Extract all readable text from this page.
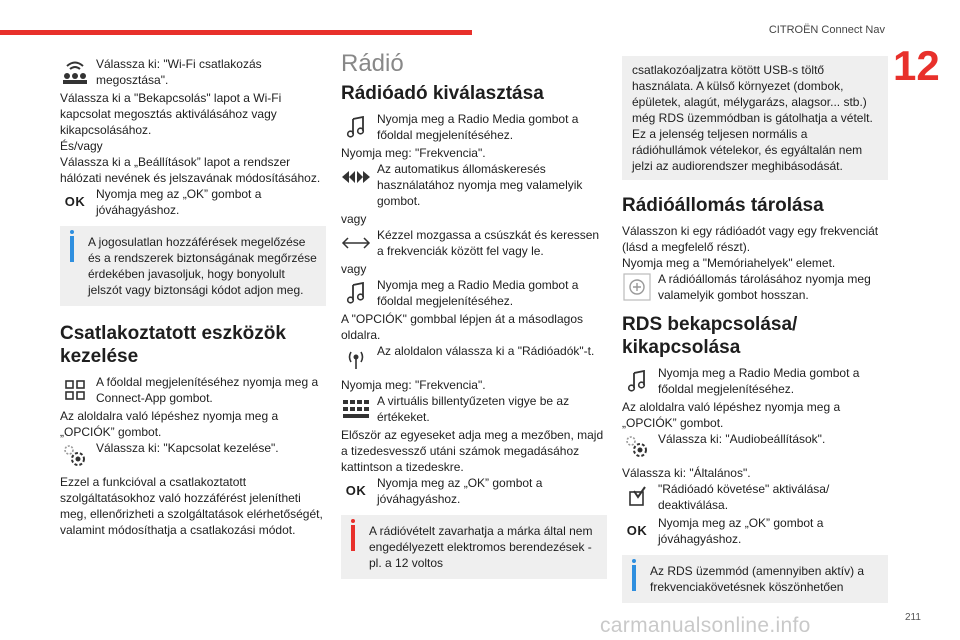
CITROËN Connect Nav
12
carmanualsonline.info	211

Válassza ki: "Wi-Fi csatlakozás megosztása".

Válassza ki a "Bekapcsolás" lapot a Wi-Fi kapcsolat megosztás aktiválásához vagy kikapcsolásához.

És/vagy

Válassza ki a „Beállítások” lapot a rendszer hálózati nevének és jelszavának módosításához.

OK Nyomja meg az „OK” gombot a jóváhagyáshoz.

A jogosulatlan hozzáférések megelőzése és a rendszerek biztonságának megőrzése érdekében javasoljuk, hogy bonyolult jelszót vagy biztonsági kódot adjon meg.

Csatlakoztatott eszközök kezelése

A főoldal megjelenítéséhez nyomja meg a Connect-App gombot.

Az aloldalra való lépéshez nyomja meg a „OPCIÓK” gombot.

Válassza ki: "Kapcsolat kezelése".

Ezzel a funkcióval a csatlakoztatott szolgáltatásokhoz való hozzáférést jelenítheti meg, ellenőrizheti a szolgáltatások elérhetőségét, valamint módosíthatja a csatlakozási módot.

Rádió
Rádióadó kiválasztása

Nyomja meg a Radio Media gombot a főoldal megjelenítéséhez.

Nyomja meg: "Frekvencia".

Az automatikus állomáskeresés használatához nyomja meg valamelyik gombot.

vagy

Kézzel mozgassa a csúszkát és keressen a frekvenciák között fel vagy le.

vagy

Nyomja meg a Radio Media gombot a főoldal megjelenítéséhez.

A "OPCIÓK" gombbal lépjen át a másodlagos oldalra.

Az aloldalon válassza ki a "Rádióadók"-t.

Nyomja meg: "Frekvencia".

A virtuális billentyűzeten vigye be az értékeket.

Először az egyeseket adja meg a mezőben, majd a tizedesvessző utáni számok megadásához kattintson a tizedeskre.

OK Nyomja meg az „OK” gombot a jóváhagyáshoz.

A rádióvételt zavarhatja a márka által nem engedélyezett elektromos berendezések - pl. a 12 voltos

csatlakozóaljzatra kötött USB-s töltő használata. A külső környezet (dombok, épületek, alagút, mélygarázs, alagsor... stb.) még RDS üzemmódban is gátolhatja a vételt. Ez a jelenség teljesen normális a rádióhullámok vételekor, és egyáltalán nem jelzi az audiorendszer meghibásodását.

Rádióállomás tárolása

Válasszon ki egy rádióadót vagy egy frekvenciát (lásd a megfelelő részt).

Nyomja meg a "Memóriahelyek" elemet.

A rádióállomás tárolásához nyomja meg valamelyik gombot hosszan.

RDS bekapcsolása/ kikapcsolása

Nyomja meg a Radio Media gombot a főoldal megjelenítéséhez.

Az aloldalra való lépéshez nyomja meg a „OPCIÓK” gombot.

Válassza ki: "Audiobeállítások".

Válassza ki: "Általános".

"Rádióadó követése" aktiválása/ deaktiválása.

OK Nyomja meg az „OK” gombot a jóváhagyáshoz.

Az RDS üzemmód (amennyiben aktív) a frekvenciakövetésnek köszönhetően
